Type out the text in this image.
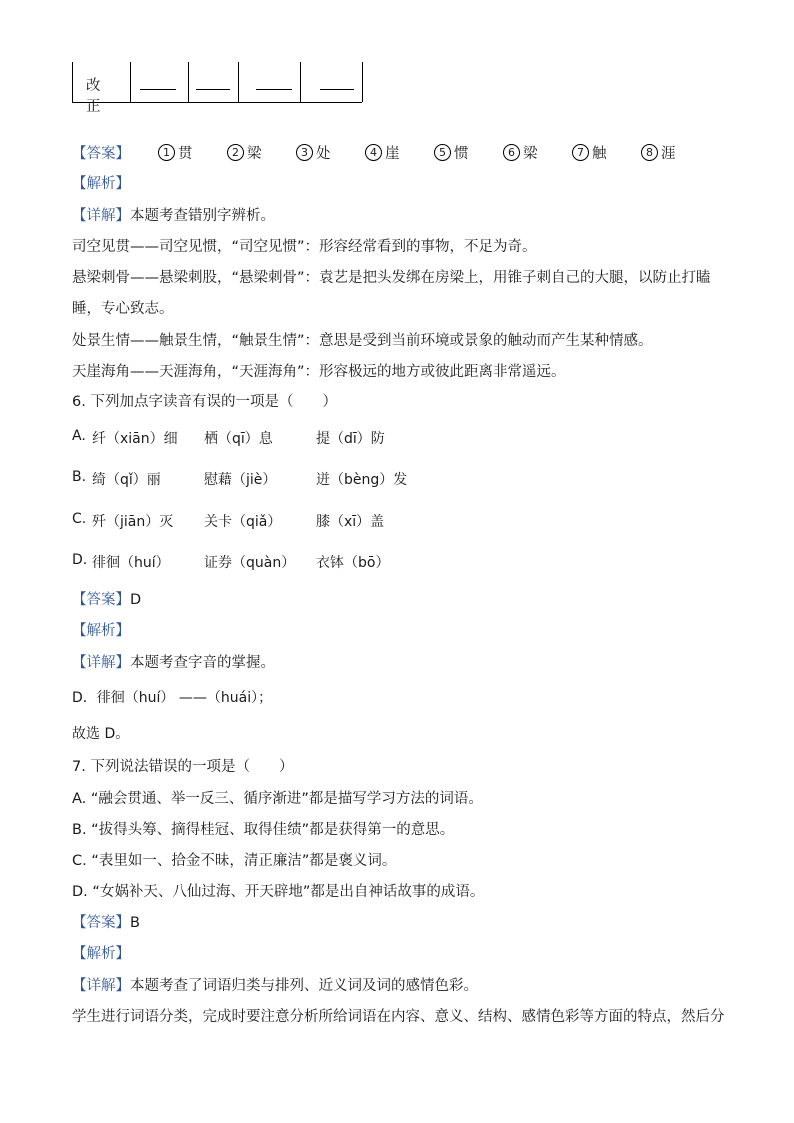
改正
【答案】	1 贯	2 梁	3 处	4 崖	5 惯	6 梁	7 触	8 涯
【解析】
【详解】本题考查错别字辨析。
司空见贯——司空见惯，“司空见惯”：形容经常看到的事物，不足为奇。
悬梁刺骨——悬梁刺股，“悬梁刺骨”：袁艺是把头发绑在房梁上，用锥子刺自己的大腿，以防止打瞌
睡，专心致志。
处景生情——触景生情，“触景生情”：意思是受到当前环境或景象的触动而产生某种情感。
天崖海角——天涯海角，“天涯海角”：形容极远的地方或彼此距离非常遥远。
6. 下列加点字读音有误的一项是（　　）
A. 纤（xiān）细 栖（qī）息	提（dī）防
B. 绮（qǐ）丽	慰藉（jiè）	迸（bèng）发
C. 歼（jiān）灭 关卡（qiǎ） 膝（xī）盖
D. 徘徊（huí） 证券（quàn） 衣钵（bō）
【答案】D
【解析】
【详解】本题考查字音的掌握。
D．徘徊（huí） ——（huái）；
故选 D。
7. 下列说法错误的一项是（　　）
A. “融会贯通、举一反三、循序渐进”都是描写学习方法的词语。
B. “拔得头筹、摘得桂冠、取得佳绩”都是获得第一的意思。
C. “表里如一、拾金不昧，清正廉洁”都是褒义词。
D. “女娲补天、八仙过海、开天辟地”都是出自神话故事的成语。
【答案】B
【解析】
【详解】本题考查了词语归类与排列、近义词及词的感情色彩。
学生进行词语分类，完成时要注意分析所给词语在内容、意义、结构、感情色彩等方面的特点，然后分
